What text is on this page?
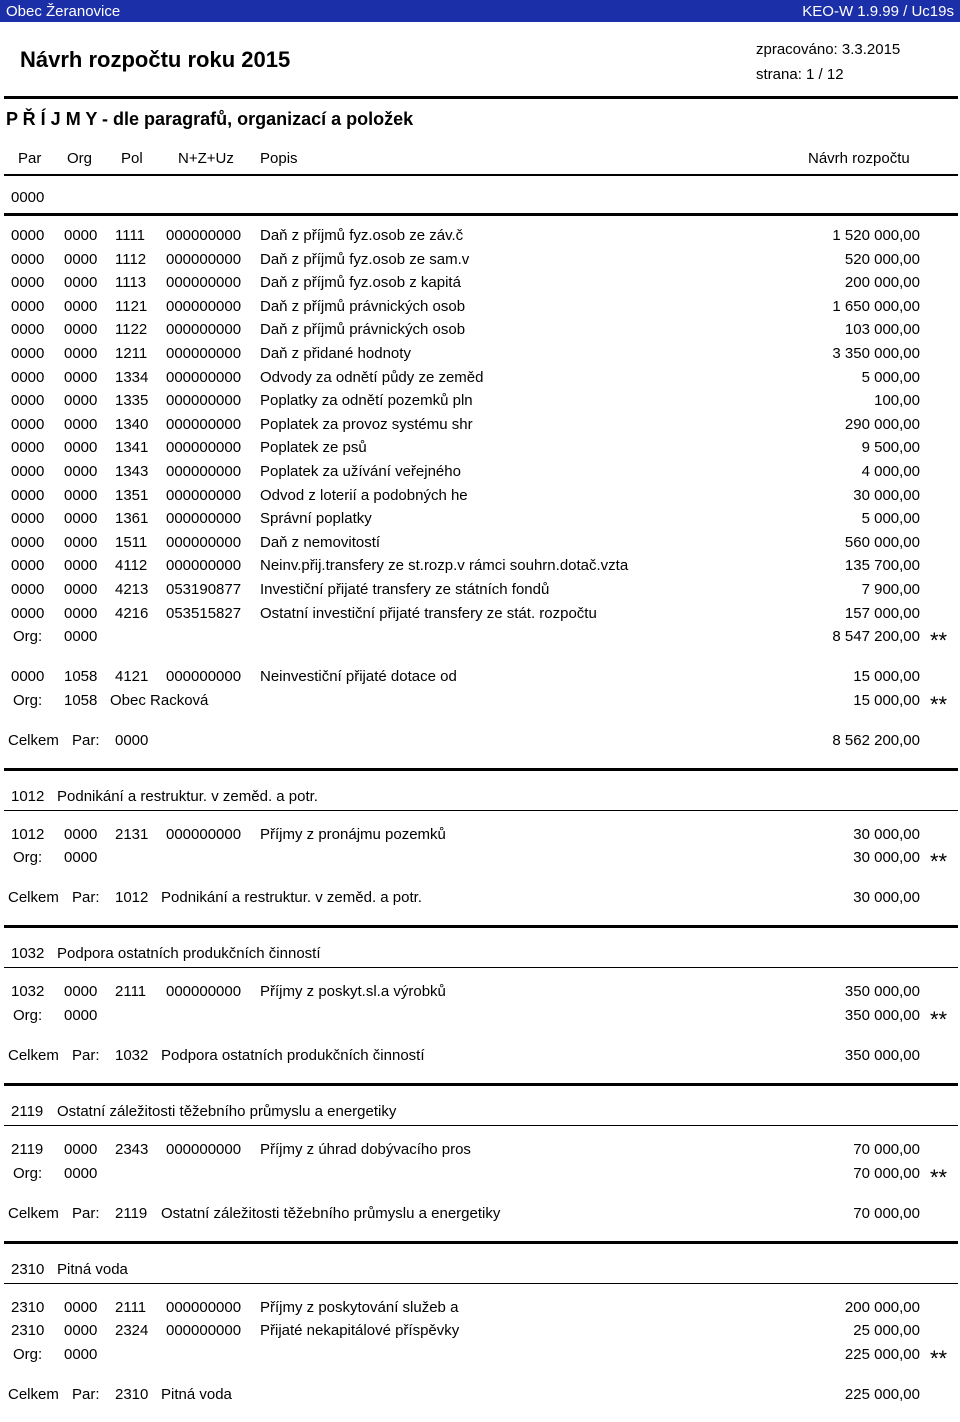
Obec Žeranovice	KEO-W 1.9.99 / Uc19s
Návrh rozpočtu roku 2015	zpracováno: 3.3.2015
strana: 1 / 12
P Ř Í J M Y - dle paragrafů, organizací a položek
Par Org Pol N+Z+Uz Popis	Návrh rozpočtu
0000
0000 0000 1111 000000000 Daň z příjmů fyz.osob ze záv.č	1 520 000,00
0000 0000 1112 000000000 Daň z příjmů fyz.osob ze sam.v	520 000,00
0000 0000 1113 000000000 Daň z příjmů fyz.osob z kapitá	200 000,00
0000 0000 1121 000000000 Daň z příjmů právnických osob	1 650 000,00
0000 0000 1122 000000000 Daň z příjmů právnických osob	103 000,00
0000 0000 1211 000000000 Daň z přidané hodnoty	3 350 000,00
0000 0000 1334 000000000 Odvody za odnětí půdy ze zeměd	5 000,00
0000 0000 1335 000000000 Poplatky za odnětí pozemků pln	100,00
0000 0000 1340 000000000 Poplatek za provoz systému shr	290 000,00
0000 0000 1341 000000000 Poplatek ze psů	9 500,00
0000 0000 1343 000000000 Poplatek za užívání veřejného	4 000,00
0000 0000 1351 000000000 Odvod z loterií a podobných he	30 000,00
0000 0000 1361 000000000 Správní poplatky	5 000,00
0000 0000 1511 000000000 Daň z nemovitostí	560 000,00
0000 0000 4112 000000000 Neinv.přij.transfery ze st.rozp.v rámci souhrn.dotač.vzta	135 700,00
0000 0000 4213 053190877 Investiční přijaté transfery ze státních fondů	7 900,00
0000 0000 4216 053515827 Ostatní investiční přijaté transfery ze stát. rozpočtu	157 000,00
Org: 0000	8 547 200,00 **
0000 1058 4121 000000000 Neinvestiční přijaté dotace od	15 000,00
Org: 1058 Obec Racková	15 000,00 **
Celkem Par: 0000	8 562 200,00
1012 Podnikání a restruktur. v zeměd. a potr.
1012 0000 2131 000000000 Příjmy z pronájmu pozemků	30 000,00
Org: 0000	30 000,00 **
Celkem Par: 1012 Podnikání a restruktur. v zeměd. a potr.	30 000,00
1032 Podpora ostatních produkčních činností
1032 0000 2111 000000000 Příjmy z poskyt.sl.a výrobků	350 000,00
Org: 0000	350 000,00 **
Celkem Par: 1032 Podpora ostatních produkčních činností	350 000,00
2119 Ostatní záležitosti těžebního průmyslu a energetiky
2119 0000 2343 000000000 Příjmy z úhrad dobývacího pros	70 000,00
Org: 0000	70 000,00 **
Celkem Par: 2119 Ostatní záležitosti těžebního průmyslu a energetiky	70 000,00
2310 Pitná voda
2310 0000 2111 000000000 Příjmy z poskytování služeb a	200 000,00
2310 0000 2324 000000000 Přijaté nekapitálové příspěvky	25 000,00
Org: 0000	225 000,00 **
Celkem Par: 2310 Pitná voda	225 000,00
